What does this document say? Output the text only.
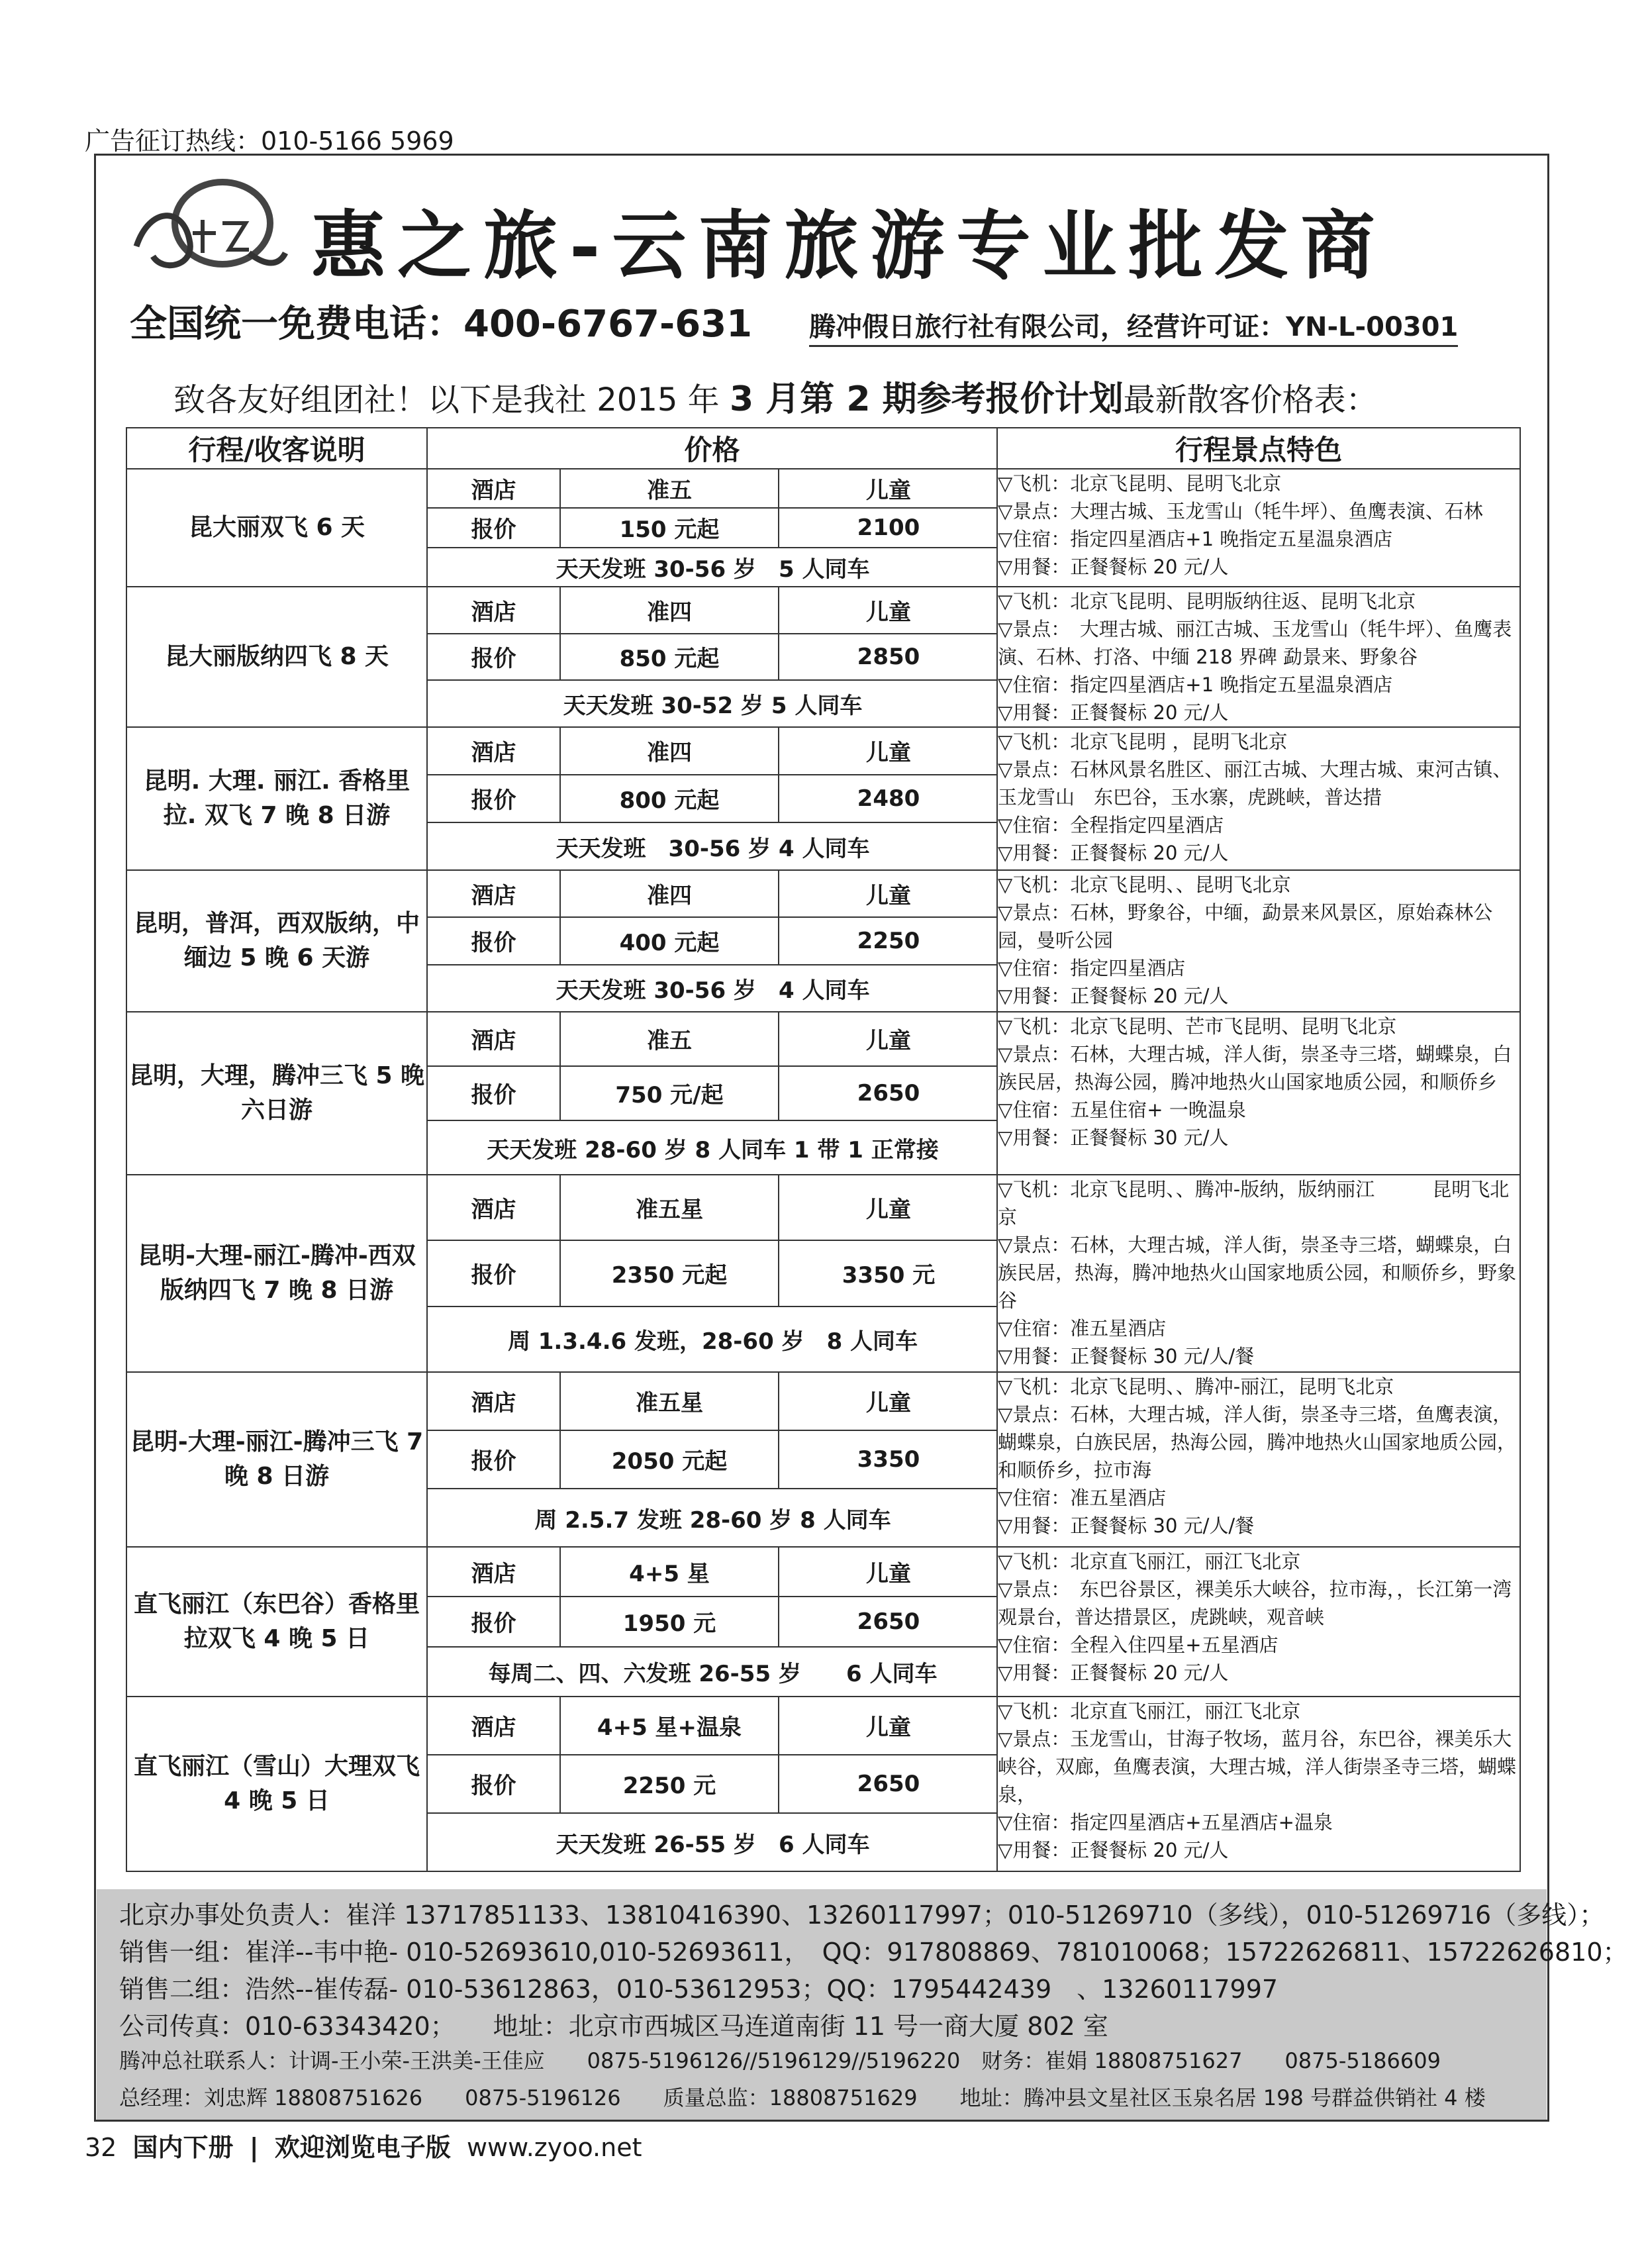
广告征订热线：010-5166 5969
惠之旅-云南旅游专业批发商
全国统一免费电话：400-6767-631 腾冲假日旅行社有限公司，经营许可证：YN-L-00301
致各友好组团社！以下是我社 2015 年 3 月第 2 期参考报价计划最新散客价格表：
行程/收客说明	价格	行程景点特色
昆大丽双飞 6 天	
酒店	准五	儿童
报价	150 元起	2100
天天发班 30-56 岁　5 人同车

▽飞机：北京飞昆明、昆明飞北京
▽景点：大理古城、玉龙雪山（牦牛坪）、鱼鹰表演、石林
▽住宿：指定四星酒店+1 晚指定五星温泉酒店
▽用餐：正餐餐标 20 元/人

昆大丽版纳四飞 8 天	
酒店	准四	儿童
报价	850 元起	2850
天天发班 30-52 岁 5 人同车

▽飞机：北京飞昆明、昆明版纳往返、昆明飞北京
▽景点：　大理古城、丽江古城、玉龙雪山（牦牛坪）、鱼鹰表演、石林、打洛、中缅 218 界碑 勐景来、野象谷
▽住宿：指定四星酒店+1 晚指定五星温泉酒店
▽用餐：正餐餐标 20 元/人

昆明. 大理. 丽江. 香格里拉. 双飞 7 晚 8 日游	
酒店	准四	儿童
报价	800 元起	2480
天天发班　30-56 岁 4 人同车

▽飞机：北京飞昆明 ，昆明飞北京
▽景点：石林风景名胜区、丽江古城、大理古城、束河古镇、玉龙雪山　东巴谷，玉水寨，虎跳峡，普达措
▽住宿：全程指定四星酒店
▽用餐：正餐餐标 20 元/人

昆明，普洱，西双版纳，中缅边 5 晚 6 天游	
酒店	准四	儿童
报价	400 元起	2250
天天发班 30-56 岁　4 人同车

▽飞机：北京飞昆明、、昆明飞北京
▽景点：石林，野象谷，中缅，勐景来风景区，原始森林公园，曼听公园
▽住宿：指定四星酒店
▽用餐：正餐餐标 20 元/人

昆明，大理，腾冲三飞 5 晚六日游	
酒店	准五	儿童
报价	750 元/起	2650
天天发班 28-60 岁 8 人同车 1 带 1 正常接

▽飞机：北京飞昆明、芒市飞昆明、昆明飞北京
▽景点：石林，大理古城，洋人街，崇圣寺三塔，蝴蝶泉，白族民居，热海公园，腾冲地热火山国家地质公园，和顺侨乡
▽住宿：五星住宿+ 一晚温泉
▽用餐：正餐餐标 30 元/人

昆明-大理-丽江-腾冲-西双版纳四飞 7 晚 8 日游	
酒店	准五星	儿童
报价	2350 元起	3350 元
周 1.3.4.6 发班，28-60 岁　8 人同车

▽飞机：北京飞昆明、、腾冲-版纳，版纳丽江　　　昆明飞北京
▽景点：石林，大理古城，洋人街，崇圣寺三塔，蝴蝶泉，白族民居，热海，腾冲地热火山国家地质公园，和顺侨乡，野象谷
▽住宿：准五星酒店
▽用餐：正餐餐标 30 元/人/餐

昆明-大理-丽江-腾冲三飞 7 晚 8 日游	
酒店	准五星	儿童
报价	2050 元起	3350
周 2.5.7 发班 28-60 岁 8 人同车

▽飞机：北京飞昆明、、腾冲-丽江，昆明飞北京
▽景点：石林，大理古城，洋人街，崇圣寺三塔，鱼鹰表演，蝴蝶泉，白族民居，热海公园，腾冲地热火山国家地质公园，和顺侨乡，拉市海
▽住宿：准五星酒店
▽用餐：正餐餐标 30 元/人/餐

直飞丽江（东巴谷）香格里拉双飞 4 晚 5 日	
酒店	4+5 星	儿童
报价	1950 元	2650
每周二、四、六发班 26-55 岁　　6 人同车

▽飞机：北京直飞丽江，丽江飞北京
▽景点：　东巴谷景区，裸美乐大峡谷，拉市海，，长江第一湾观景台，普达措景区，虎跳峡，观音峡
▽住宿：全程入住四星+五星酒店
▽用餐：正餐餐标 20 元/人

直飞丽江（雪山）大理双飞 4 晚 5 日	
酒店	4+5 星+温泉	儿童
报价	2250 元	2650
天天发班 26-55 岁　6 人同车

▽飞机：北京直飞丽江，丽江飞北京
▽景点：玉龙雪山，甘海子牧场，蓝月谷，东巴谷，裸美乐大峡谷，双廊，鱼鹰表演，大理古城，洋人街崇圣寺三塔，蝴蝶泉，
▽住宿：指定四星酒店+五星酒店+温泉
▽用餐：正餐餐标 20 元/人
北京办事处负责人：崔洋 13717851133、13810416390、13260117997；010-51269710（多线），010-51269716（多线）；
销售一组：崔洋--韦中艳- 010-52693610,010-52693611，　QQ：917808869、781010068；15722626811、15722626810；
销售二组：浩然--崔传磊- 010-53612863，010-53612953；QQ：1795442439　、13260117997
公司传真：010-63343420；　　地址：北京市西城区马连道南街 11 号一商大厦 802 室
腾冲总社联系人：计调-王小荣-王洪美-王佳应　　0875-5196126//5196129//5196220　财务：崔娟 18808751627　　0875-5186609
总经理：刘忠辉 18808751626　　0875-5196126　　质量总监：18808751629　　地址：腾冲县文星社区玉泉名居 198 号群益供销社 4 楼
32 国内下册 | 欢迎浏览电子版 www.zyoo.net
